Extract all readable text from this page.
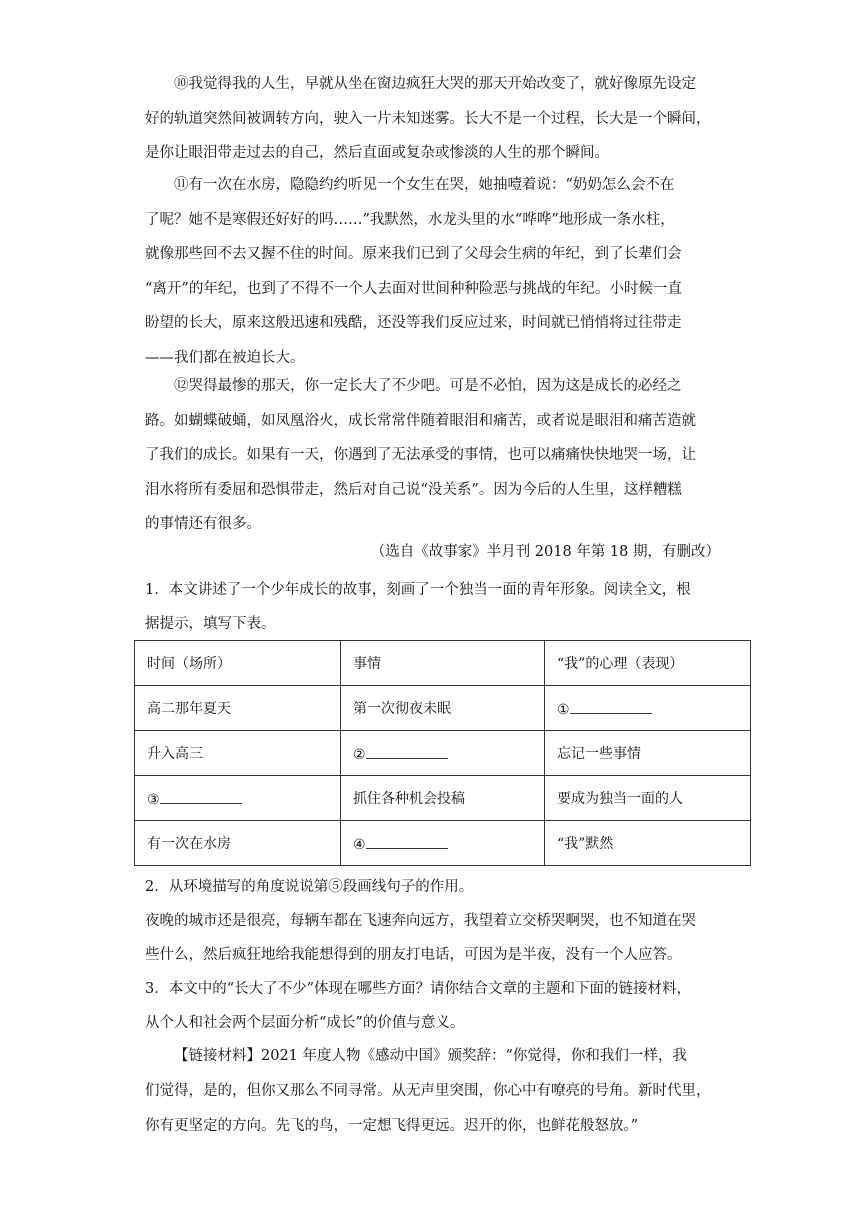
⑩我觉得我的人生，早就从坐在窗边疯狂大哭的那天开始改变了，就好像原先设定
好的轨道突然间被调转方向，驶入一片未知迷雾。长大不是一个过程，长大是一个瞬间，
是你让眼泪带走过去的自己，然后直面或复杂或惨淡的人生的那个瞬间。

⑪有一次在水房，隐隐约约听见一个女生在哭，她抽噎着说：“奶奶怎么会不在
了呢？她不是寒假还好好的吗……”我默然，水龙头里的水“哗哗”地形成一条水柱，
就像那些回不去又握不住的时间。原来我们已到了父母会生病的年纪，到了长辈们会
“离开”的年纪，也到了不得不一个人去面对世间种种险恶与挑战的年纪。小时候一直
盼望的长大，原来这般迅速和残酷，还没等我们反应过来，时间就已悄悄将过往带走
——我们都在被迫长大。

⑫哭得最惨的那天，你一定长大了不少吧。可是不必怕，因为这是成长的必经之
路。如蝴蝶破蛹，如凤凰浴火，成长常常伴随着眼泪和痛苦，或者说是眼泪和痛苦造就
了我们的成长。如果有一天，你遇到了无法承受的事情，也可以痛痛快快地哭一场，让
泪水将所有委屈和恐惧带走，然后对自己说“没关系”。因为今后的人生里，这样糟糕
的事情还有很多。

（选自《故事家》半月刊 2018 年第 18 期，有删改）
1．本文讲述了一个少年成长的故事，刻画了一个独当一面的青年形象。阅读全文，根
据提示，填写下表。
时间（场所）	事情	“我”的心理（表现）
高二那年夏天	第一次彻夜未眠	①
升入高三	②	忘记一些事情
③	抓住各种机会投稿	要成为独当一面的人
有一次在水房	④	“我”默然
2．从环境描写的角度说说第⑤段画线句子的作用。
夜晚的城市还是很亮，每辆车都在飞速奔向远方，我望着立交桥哭啊哭，也不知道在哭
些什么，然后疯狂地给我能想得到的朋友打电话，可因为是半夜，没有一个人应答。
3．本文中的“长大了不少”体现在哪些方面？请你结合文章的主题和下面的链接材料，
从个人和社会两个层面分析“成长”的价值与意义。

【链接材料】2021 年度人物《感动中国》颁奖辞：“你觉得，你和我们一样，我
们觉得，是的，但你又那么不同寻常。从无声里突围，你心中有嘹亮的号角。新时代里，
你有更坚定的方向。先飞的鸟，一定想飞得更远。迟开的你，也鲜花般怒放。”
